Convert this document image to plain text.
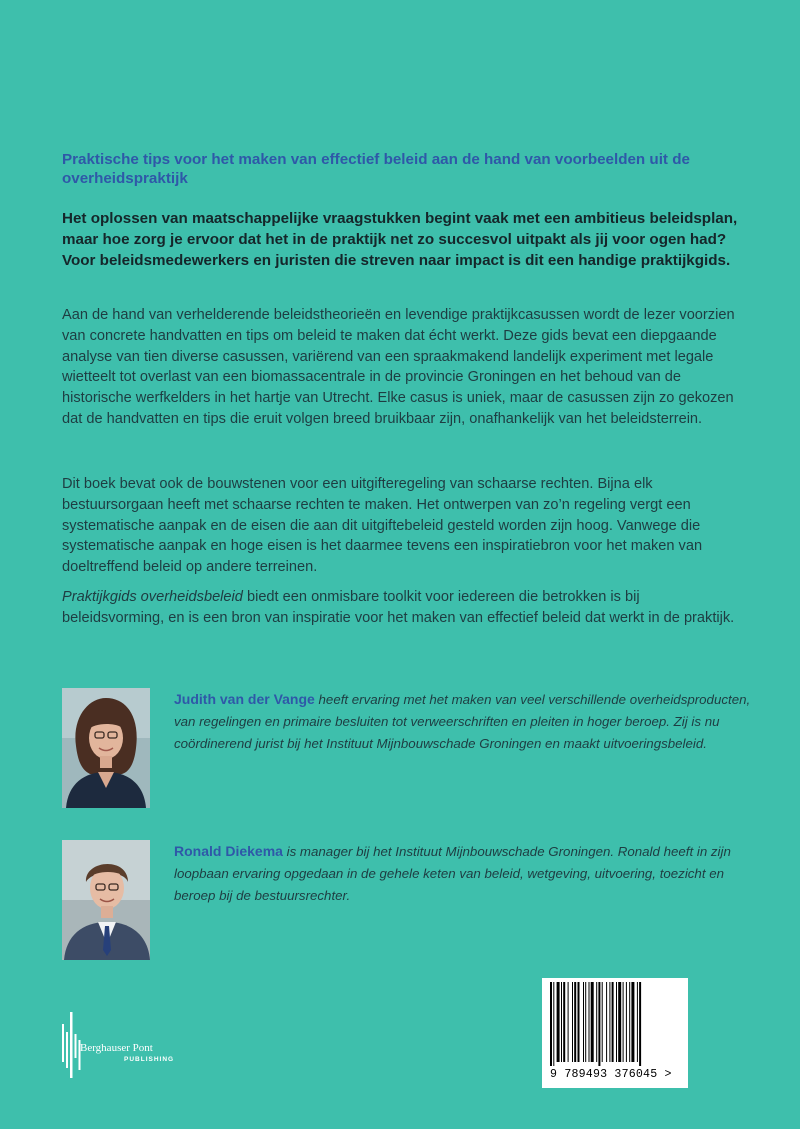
Praktische tips voor het maken van effectief beleid aan de hand van voorbeelden uit de overheidspraktijk

Het oplossen van maatschappelijke vraagstukken begint vaak met een ambitieus beleidsplan, maar hoe zorg je ervoor dat het in de praktijk net zo succesvol uitpakt als jij voor ogen had? Voor beleidsmedewerkers en juristen die streven naar impact is dit een handige praktijkgids.

Aan de hand van verhelderende beleidstheorieën en levendige praktijkcasussen wordt de lezer voorzien van concrete handvatten en tips om beleid te maken dat écht werkt. Deze gids bevat een diepgaande analyse van tien diverse casussen, variërend van een spraakmakend landelijk experiment met legale wietteelt tot overlast van een biomassacentrale in de provincie Groningen en het behoud van de historische werfkelders in het hartje van Utrecht. Elke casus is uniek, maar de casussen zijn zo gekozen dat de handvatten en tips die eruit volgen breed bruikbaar zijn, onafhankelijk van het beleidsterrein.

Dit boek bevat ook de bouwstenen voor een uitgifteregeling van schaarse rechten. Bijna elk bestuursorgaan heeft met schaarse rechten te maken. Het ontwerpen van zo’n regeling vergt een systematische aanpak en de eisen die aan dit uitgiftebeleid gesteld worden zijn hoog. Vanwege die systematische aanpak en hoge eisen is het daarmee tevens een inspiratiebron voor het maken van doeltreffend beleid op andere terreinen.

Praktijkgids overheidsbeleid biedt een onmisbare toolkit voor iedereen die betrokken is bij beleidsvorming, en is een bron van inspiratie voor het maken van effectief beleid dat werkt in de praktijk.

Judith van der Vange heeft ervaring met het maken van veel verschillende overheidsproducten, van regelingen en primaire besluiten tot verweerschriften en pleiten in hoger beroep. Zij is nu coördinerend jurist bij het Instituut Mijnbouwschade Groningen en maakt uitvoeringsbeleid.

Ronald Diekema is manager bij het Instituut Mijnbouwschade Groningen. Ronald heeft in zijn loopbaan ervaring opgedaan in de gehele keten van beleid, wetgeving, uitvoering, toezicht en beroep bij de bestuursrechter.

Berghauser Pont
PUBLISHING
9 789493 376045 >
